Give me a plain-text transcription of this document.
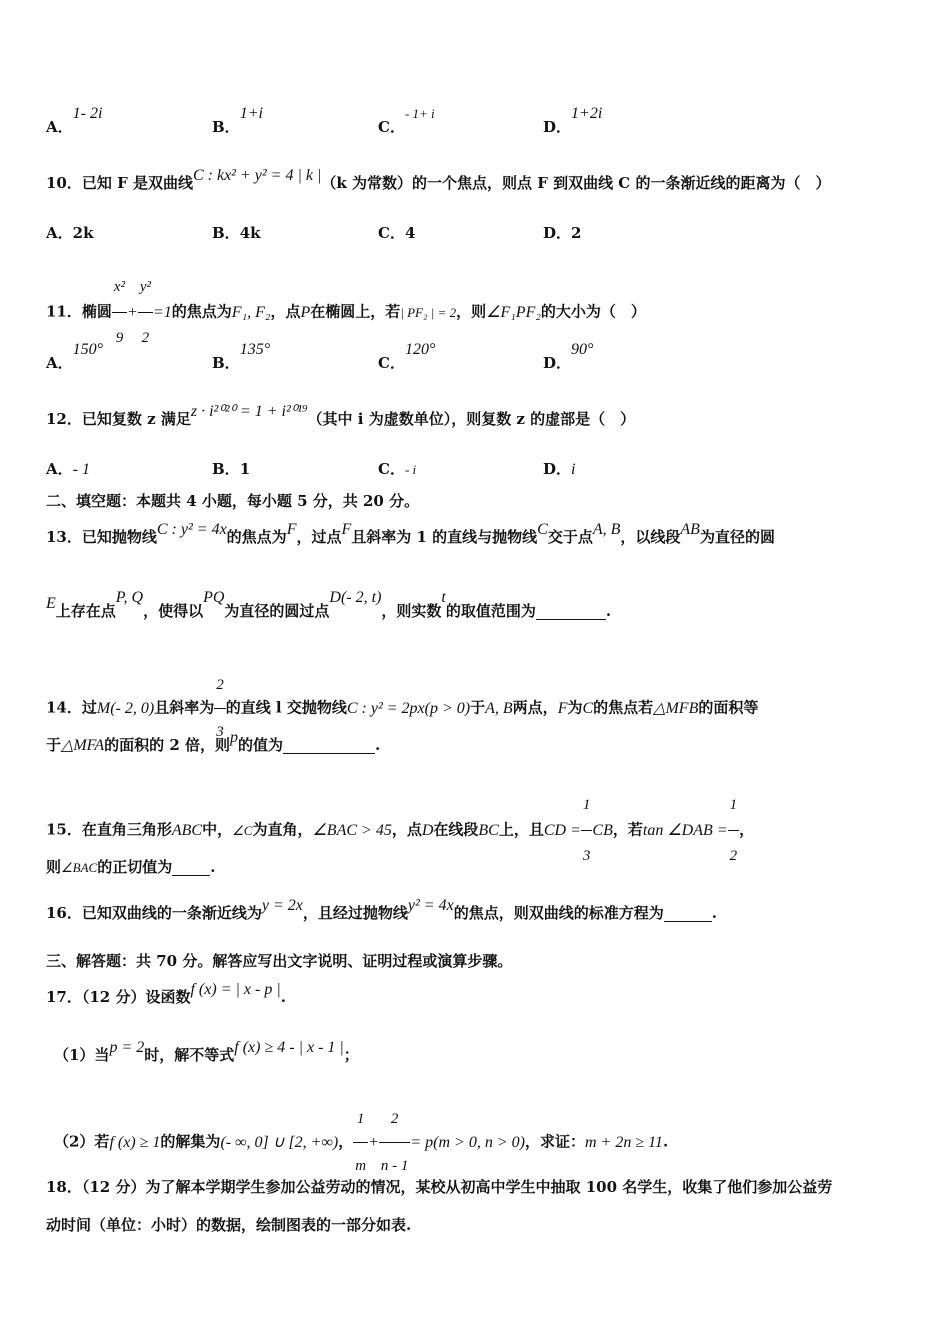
A．1- 2i
B．1+i
C．- 1+ i
D．1+2i
10．已知 F 是双曲线C : kx² + y² = 4 | k |（k 为常数）的一个焦点，则点 F 到双曲线 C 的一条渐近线的距离为（　）
A．2k	B．4k	C．4	D．2
11．椭圆 $\frac{\text{x²}}{9} + \frac{\text{y²}}{2} =1$的焦点为F₁, F₂，点P在椭圆上，若| PF₂ | = 2，则∠F₁PF₂的大小为（　）
A．150°
B．135°
C．120°
D．90°
12．已知复数 z 满足z · i²⁰²⁰ = 1 + i²⁰¹⁹（其中 i 为虚数单位），则复数 z 的虚部是（　）
A．- 1	B．1	C．- i	D．i
二、填空题：本题共 4 小题，每小题 5 分，共 20 分。
13．已知抛物线C : y² = 4x的焦点为F，过点F且斜率为 1 的直线与抛物线C交于点A, B，以线段AB为直径的圆
E上存在点P, Q，使得以PQ为直径的圆过点D(- 2, t)，则实数t的取值范围为	.
14．过M(- 2, 0)且斜率为 $\frac{2}{3}$ 的直线 l 交抛物线C : y² = 2px(p > 0)于A, B两点，F为C的焦点若△MFB的面积等
于△MFA的面积的 2 倍，则p的值为	.
15．在直角三角形ABC中，∠C为直角，∠BAC > 45，点D在线段BC上，且CD = $\frac{1}{3}$ CB，若tan ∠DAB = $\frac{1}{2}$ ，
则∠BAC的正切值为	.
16．已知双曲线的一条渐近线为y = 2x，且经过抛物线y² = 4x的焦点，则双曲线的标准方程为	.
三、解答题：共 70 分。解答应写出文字说明、证明过程或演算步骤。
17．（12 分）设函数f (x) = | x - p |.
（1）当p = 2时，解不等式f (x) ≥ 4 - | x - 1 |；
（2）若f (x) ≥ 1的解集为(- ∞, 0] ∪ [2, +∞)， $\frac{1}{m} + \frac{2}{n - 1} = p(m > 0$, n > 0)，求证：m + 2n ≥ 11.
18．（12 分）为了解本学期学生参加公益劳动的情况，某校从初高中学生中抽取 100 名学生，收集了他们参加公益劳
动时间（单位：小时）的数据，绘制图表的一部分如表.
